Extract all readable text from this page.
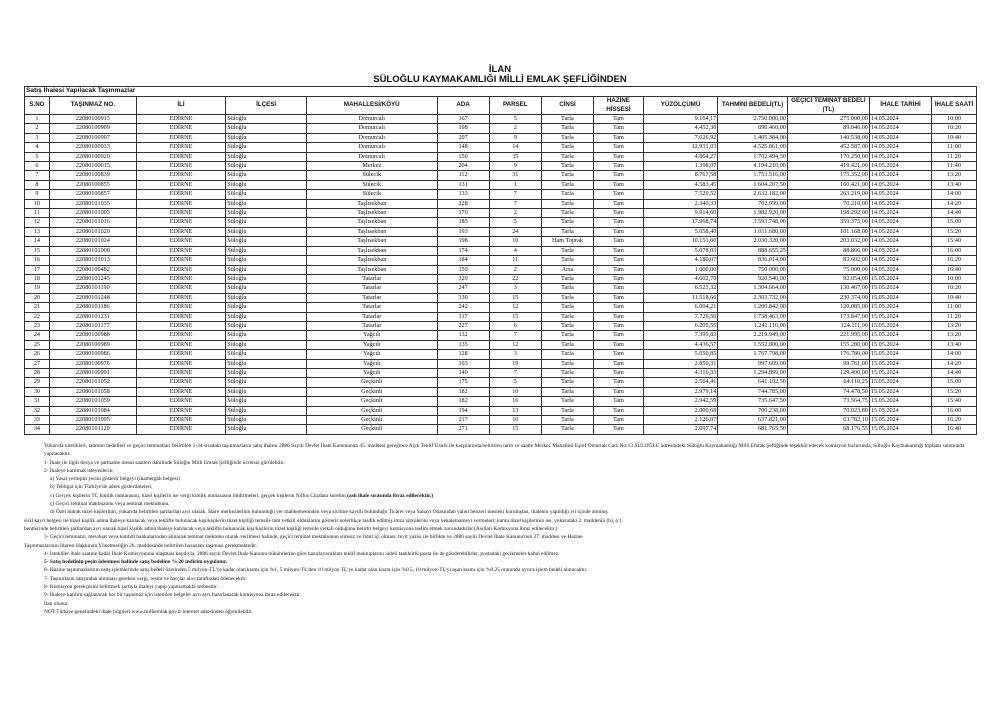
İLAN
SÜLOĞLU KAYMAKAMLIĞI MİLLİ EMLAK ŞEFLİĞİNDEN
Satış İhalesi Yapılacak Taşınmazlar													
S.NO	TAŞINMAZ NO.	İLİ	İLÇESİ	MAHALLESİ/KÖYÜ	ADA	PARSEL	CİNSİ	HAZİNE HİSSESİ	YÜZÖLÇÜMÜ	TAHMİNİ BEDELİ(TL)	GEÇİCİ TEMİNAT BEDELİ (TL)	İHALE TARİHİ	İHALE SAATİ
1	22080100915	EDİRNE	Süloğlu	Domurcalı	167	5	Tarla	Tam	9.164,17	2.750.000,00	275.000,00	14.05.2024	10:00
2	22080100909	EDİRNE	Süloğlu	Domurcalı	198	2	Tarla	Tam	4.452,30	890.460,00	89.046,00	14.05.2024	10:20
3	22080100907	EDİRNE	Süloğlu	Domurcalı	207	9	Tarla	Tam	7.026,92	1.405.384,00	140.538,00	14.05.2024	10:40
4	22080100933	EDİRNE	Süloğlu	Domurcalı	148	14	Tarla	Tam	12.931,03	4.525.861,00	452.587,00	14.05.2024	11:00
5	22080100920	EDİRNE	Süloğlu	Domurcalı	150	35	Tarla	Tam	4.864,27	1.702.494,50	170.250,00	14.05.2024	11:20
6	22080100015	EDİRNE	Süloğlu	Merkez	204	9	Tarla	Tam	1.398,07	4.194.210,00	419.421,00	14.05.2024	11:40
7	22080100839	EDİRNE	Süloğlu	Sülecik	112	31	Tarla	Tam	8.767,58	1.753.516,00	175.352,00	14.05.2024	13:20
8	22080100855	EDİRNE	Süloğlu	Sülecik	131	1	Tarla	Tam	4.583,45	1.604.207,50	160.421,00	14.05.2024	13:40
9	22080100857	EDİRNE	Süloğlu	Sülecik	133	7	Tarla	Tam	7.520,52	2.632.182,00	263.219,00	14.05.2024	14:00
10	22080101035	EDİRNE	Süloğlu	Taşlısekban	228	7	Tarla	Tam	2.340,33	702.099,00	70.210,00	14.05.2024	14:20
11	22080101003	EDİRNE	Süloğlu	Taşlısekban	170	2	Tarla	Tam	9.914,60	1.982.920,00	198.292,00	14.05.2024	14:40
12	22080101016	EDİRNE	Süloğlu	Taşlısekban	185	5	Tarla	Tam	17.968,74	3.593.748,00	359.375,00	14.05.2024	15:00
13	22080101020	EDİRNE	Süloğlu	Taşlısekban	193	24	Tarla	Tam	5.058,40	1.011.680,00	101.168,00	14.05.2024	15:20
14	22080101024	EDİRNE	Süloğlu	Taşlısekban	198	10	Ham Toprak	Tam	10.151,60	2.030.320,00	203.032,00	14.05.2024	15:40
15	22080101008	EDİRNE	Süloğlu	Taşlısekban	174	4	Tarla	Tam	5.078,03	888.655,25	88.866,00	14.05.2024	16:00
16	22080101013	EDİRNE	Süloğlu	Taşlısekban	184	11	Tarla	Tam	4.180,07	836.014,00	83.602,00	14.05.2024	16:20
17	22080100482	EDİRNE	Süloğlu	Taşlısekban	159	2	Arsa	Tam	1.000,00	750.000,00	75.000,00	14.05.2024	16:40
18	22080101245	EDİRNE	Süloğlu	Tatarlar	329	22	Tarla	Tam	4.602,70	920.540,00	92.054,00	15.05.2024	10:00
19	22080101190	EDİRNE	Süloğlu	Tatarlar	247	3	Tarla	Tam	6.523,32	1.304.664,00	130.467,00	15.05.2024	10:20
20	22080101248	EDİRNE	Süloğlu	Tatarlar	330	15	Tarla	Tam	11.518,66	2.303.732,00	230.374,00	15.05.2024	10:40
21	22080101186	EDİRNE	Süloğlu	Tatarlar	242	12	Tarla	Tam	6.004,21	1.200.842,00	120.085,00	15.05.2024	11:00
22	22080101231	EDİRNE	Süloğlu	Tatarlar	317	15	Tarla	Tam	7.726,50	1.738.463,00	173.847,00	15.05.2024	11:20
23	22080101177	EDİRNE	Süloğlu	Tatarlar	227	6	Tarla	Tam	6.205,55	1.241.110,00	124.111,00	15.05.2024	13:20
24	22080100988	EDİRNE	Süloğlu	Yağcılı	132	7	Tarla	Tam	7.399,83	2.219.949,00	221.995,00	15.05.2024	13:20
25	22080100989	EDİRNE	Süloğlu	Yağcılı	135	12	Tarla	Tam	4.436,57	1.552.800,00	155.280,00	15.05.2024	13:40
26	22080100986	EDİRNE	Süloğlu	Yağcılı	128	3	Tarla	Tam	5.050,85	1.767.798,00	176.780,00	15.05.2024	14:00
27	22080100976	EDİRNE	Süloğlu	Yağcılı	103	19	Tarla	Tam	2.850,31	997.609,00	99.761,00	15.05.2024	14:20
28	22080100991	EDİRNE	Süloğlu	Yağcılı	140	7	Tarla	Tam	4.316,33	1.294.899,00	129.490,00	15.05.2024	14:40
29	22080101052	EDİRNE	Süloğlu	Geçkinli	175	5	Tarla	Tam	2.564,41	641.102,50	64.110,25	15.05.2024	15:00
30	22080101058	EDİRNE	Süloğlu	Geçkinli	182	10	Tarla	Tam	2.979,14	744.785,00	74.478,50	15.05.2024	15:20
31	22080101059	EDİRNE	Süloğlu	Geçkinli	182	16	Tarla	Tam	2.942,59	735.647,50	73.564,75	15.05.2024	15:40
32	22080101084	EDİRNE	Süloğlu	Geçkinli	194	13	Tarla	Tam	2.000,68	700.238,00	70.023,80	15.05.2024	16:00
33	22080101095	EDİRNE	Süloğlu	Geçkinli	217	10	Tarla	Tam	2.126,07	637.821,00	63.782,10	15.05.2024	16:20
34	22080101120	EDİRNE	Süloğlu	Geçkinli	271	15	Tarla	Tam	2.097,74	681.765,50	68.176,55	15.05.2024	16:40

Yukarıda nitelikleri, tahmini bedelleri ve geçici teminatları belirtilen 1-34 sıradaki taşınmazların satış ihalesi 2886 Sayılı Devlet İhale Kanununun 45. maddesi gereğince Açık Teklif Usulü ile karşılarında belirtilen tarih ve saatte Merkez Mahallesi Eşref Omurtak Cad. No:13 SÜLOĞLU adresindeki Süloğlu Kaymakamlığı Milli Emlak Şefliğinde teşekkül edecek komisyon huzurunda, Süloğlu Kaymakamlığı toplantı salonunda yapılacaktır.

1- İhale ile ilgili dosya ve şartname mesai saatleri dahilinde Süloğlu Milli Emlak Şefliğinde ücretsiz görülebilir.

2- İhaleye katılmak isteyenlerin;

a) Yasal yerleşim yerini gösterir belgeyi (ikametgâh belgesi)

b) Tebligat için Türkiye'de adres gösterilmeleri,

c) Gerçek kişilerin TC kimlik numarasını, tüzel kişilerin ise vergi kimlik numarasını bildirmeleri, gerçek kişilerin Nüfus Cüzdanı suretini,(aslı ihale sırasında ibraz edilecektir.)

ç) Geçici teminat makbuzunu veya teminat mektubunu,

d) Özel hukuk tüzel kişilerinin, yukarıda belirtilen şartlardan ayrı olarak, İdare merkezlerinin bulunduğu yer mahkemesinden veya siciline kayıtlı bulunduğu Ticaret veya Sanayi Odasından yahut benzeri mesleki kuruluştan, ihalenin yapıldığı yıl içinde alınmış

sicil kayıt belgesi ile tüzel kişilik adına ihaleye katılacak veya teklifte bulunacak kişi/kişilerin tüzel kişiliği temsile tam yetkili olduklarını gösterir noterlikçe tasdik edilmiş imza sirkülerini veya vekaletnameyi vermeleri; kamu tüzel kişilerinin ise, yukarıdaki 2. maddenin (b), (c)

bentlerinde belirtilen şartlardan ayrı olarak tüzel kişilik adına ihaleye katılacak veya teklifte bulunacak kişi/kişilerin tüzel kişiliği temsile yetkili olduğunu belirtir belgeyi komisyona teslim etmek zorundadırlar.(Asılları Komisyona ibraz edilecektir.)

3- Geçici teminatın, mevduat veya katılım bankalarından alınacak teminat mektubu olarak verilmesi halinde, geçici teminat mektubunun süresiz ve limit içi olması, teyit yazısı ile birlikte ve 2886 sayılı Devlet İhale Kanunu'nun 27. maddesi ve Hazine

Taşınmazlarının İdaresi Hakkında Yönetmeliğin 26. maddesinde belirtilen hususları taşıması gerekmektedir.

4- İstekliler ihale saatine kadar İhale Komisyonuna ulaşması kaydıyla, 2886 sayılı Devlet İhale Kanunu hükümlerine göre hazırlayacakları teklif mektuplarını iadeli taahhütlü posta ile de gönderebilirler, postadaki gecikmeler kabul edilmez.

5- Satış bedelinin peşin ödenmesi halinde satış bedeline % 20 indirim uygulanır.

6- Hazine taşınmazlarının satış işlemlerinde satış bedeli üzerinden 5 milyon-TL'ye kadar olan kısmı için %1, 5 milyon-TL'den 10 milyon TL'ye kadar olan kısmı için %0.5, 10 milyon-TL'yi aşan kısmı için %0.25 oranında ayrıca işlem bedeli alınacaktır.

7- Taşınırların satışından alınması gereken vergi, resim ve harçlar alıcı tarafından ödenecektir.

8- Komisyon gerekçesini belirtmek şartıyla ihaleyi yapıp yapmamakta serbesttir.

9- İhaleye katılım sağlanacak her bir taşınmaz için istenilen belgeler ayrı ayrı hazırlanarak komisyona ibraz edilecektir.

İlan olunur.

NOT:Türkiye genelindeki ihale bilgileri www.milliemlak.gov.tr internet adresinden öğrenilebilir.
